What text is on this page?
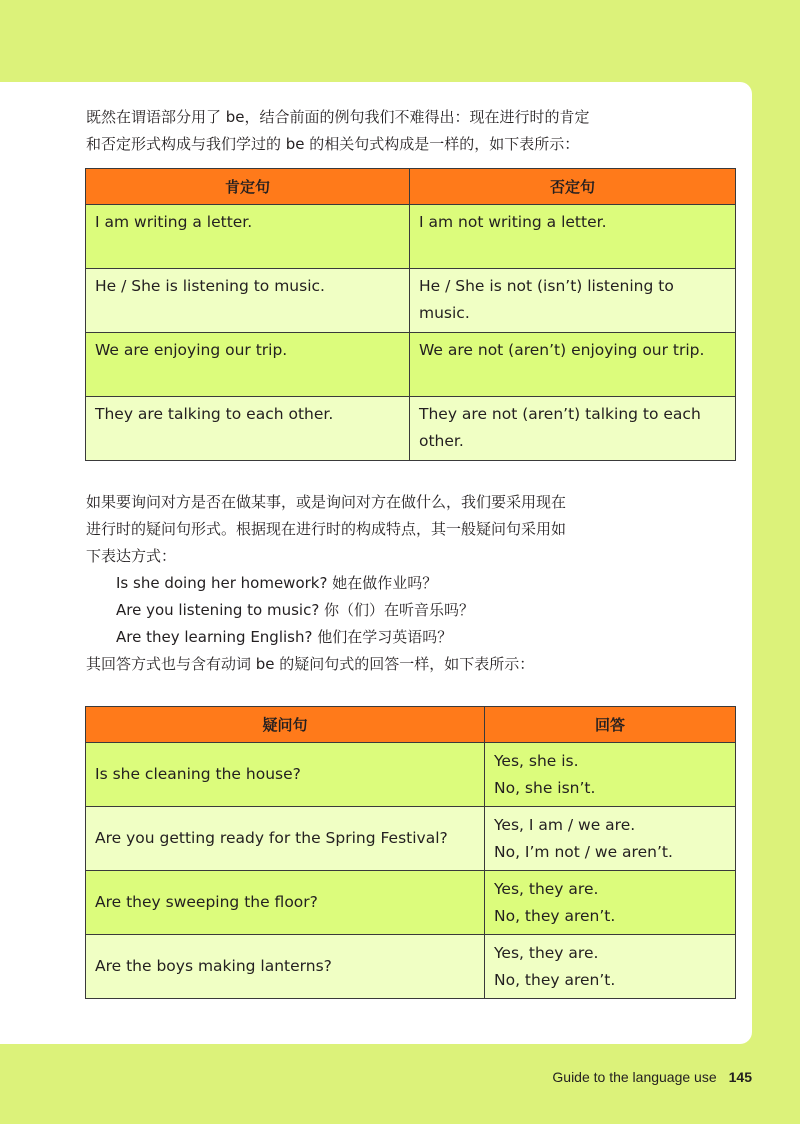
既然在谓语部分用了 be，结合前面的例句我们不难得出：现在进行时的肯定
和否定形式构成与我们学过的 be 的相关句式构成是一样的，如下表所示：
肯定句	否定句
I am writing a letter.	I am not writing a letter.
He / She is listening to music.	He / She is not (isn’t) listening to music.
We are enjoying our trip.	We are not (aren’t) enjoying our trip.
They are talking to each other.	They are not (aren’t) talking to each other.
如果要询问对方是否在做某事，或是询问对方在做什么，我们要采用现在
进行时的疑问句形式。根据现在进行时的构成特点，其一般疑问句采用如
下表达方式：
Is she doing her homework? 她在做作业吗？
Are you listening to music? 你（们）在听音乐吗？
Are they learning English? 他们在学习英语吗？
其回答方式也与含有动词 be 的疑问句式的回答一样，如下表所示：
疑问句	回答
Is she cleaning the house?	Yes, she is.
No, she isn’t.

Are you getting ready for the Spring Festival?	Yes, I am / we are.
No, I’m not / we aren’t.

Are they sweeping the floor?	Yes, they are.
No, they aren’t.

Are the boys making lanterns?	Yes, they are.
No, they aren’t.
Guide to the language use 145
